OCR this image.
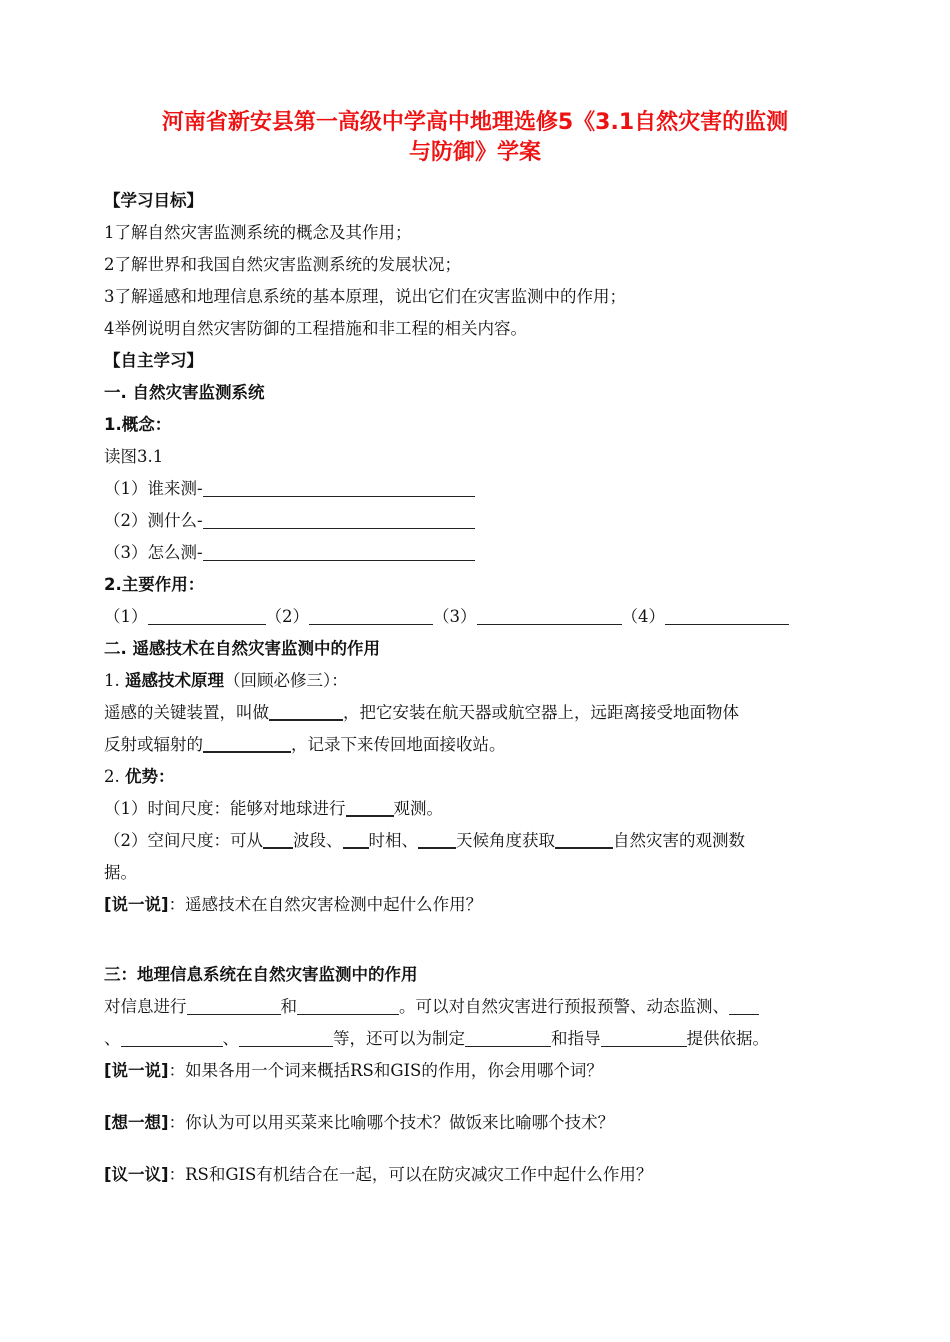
河南省新安县第一高级中学高中地理选修5《3.1自然灾害的监测
与防御》学案
【学习目标】
1了解自然灾害监测系统的概念及其作用；
2了解世界和我国自然灾害监测系统的发展状况；
3了解遥感和地理信息系统的基本原理，说出它们在灾害监测中的作用；
4举例说明自然灾害防御的工程措施和非工程的相关内容。
【自主学习】
一. 自然灾害监测系统
1.概念：
读图3.1
（1）谁来测-
（2）测什么-
（3）怎么测-
2.主要作用：
（1）	（2）	（3）	（4）
二. 遥感技术在自然灾害监测中的作用
1. 遥感技术原理（回顾必修三）：
遥感的关键装置，叫做	，把它安装在航天器或航空器上，远距离接受地面物体
反射或辐射的	，记录下来传回地面接收站。
2. 优势：
（1）时间尺度：能够对地球进行	观测。
（2）空间尺度：可从 波段、 时相、 天候角度获取	自然灾害的观测数
据。
[说一说]：遥感技术在自然灾害检测中起什么作用？
三：地理信息系统在自然灾害监测中的作用
对信息进行	和	。可以对自然灾害进行预报预警、动态监测、
、	、	等，还可以为制定	和指导	提供依据。
[说一说]：如果各用一个词来概括RS和GIS的作用，你会用哪个词？
[想一想]：你认为可以用买菜来比喻哪个技术？做饭来比喻哪个技术？
[议一议]：RS和GIS有机结合在一起，可以在防灾减灾工作中起什么作用？
